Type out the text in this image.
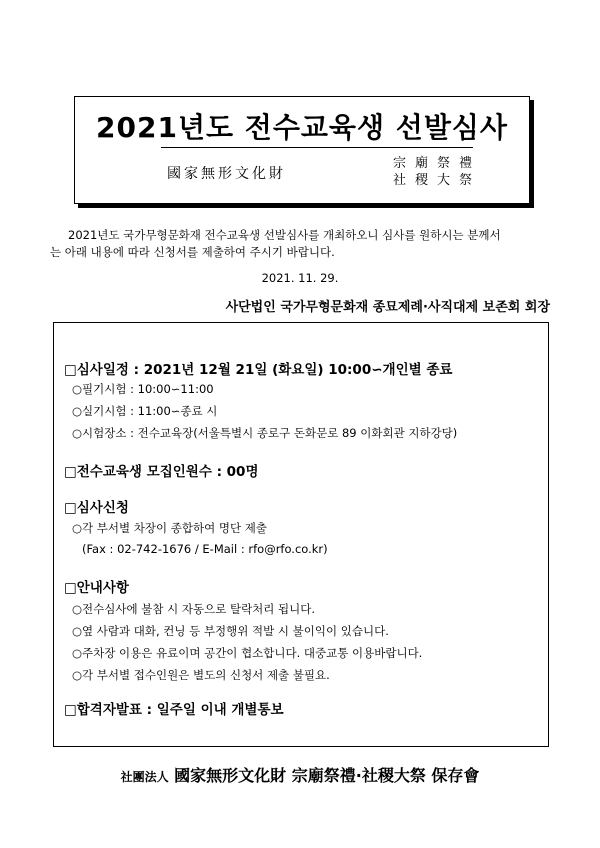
2021년도 전수교육생 선발심사
國家無形文化財
宗廟祭禮
社稷大祭

2021년도 국가무형문화재 전수교육생 선발심사를 개최하오니 심사를 원하시는 분께서

는 아래 내용에 따라 신청서를 제출하여 주시기 바랍니다.
2021. 11. 29.
사단법인 국가무형문화재 종묘제례·사직대제 보존회 회장
□심사일정 : 2021년 12월 21일 (화요일) 10:00∽개인별 종료
○필기시험 : 10:00∽11:00
○실기시험 : 11:00∽종료 시
○시험장소 : 전수교육장(서울특별시 종로구 돈화문로 89 이화회관 지하강당)
□전수교육생 모집인원수 : 00명
□심사신청
○각 부서별 차장이 종합하여 명단 제출
(Fax : 02-742-1676 / E-Mail : rfo@rfo.co.kr)
□안내사항
○전수심사에 불참 시 자동으로 탈락처리 됩니다.
○옆 사람과 대화, 컨닝 등 부정행위 적발 시 불이익이 있습니다.
○주차장 이용은 유료이며 공간이 협소합니다. 대중교통 이용바랍니다.
○각 부서별 접수인원은 별도의 신청서 제출 불필요.
□합격자발표 : 일주일 이내 개별통보
社團法人 國家無形文化財 宗廟祭禮·社稷大祭 保存會
